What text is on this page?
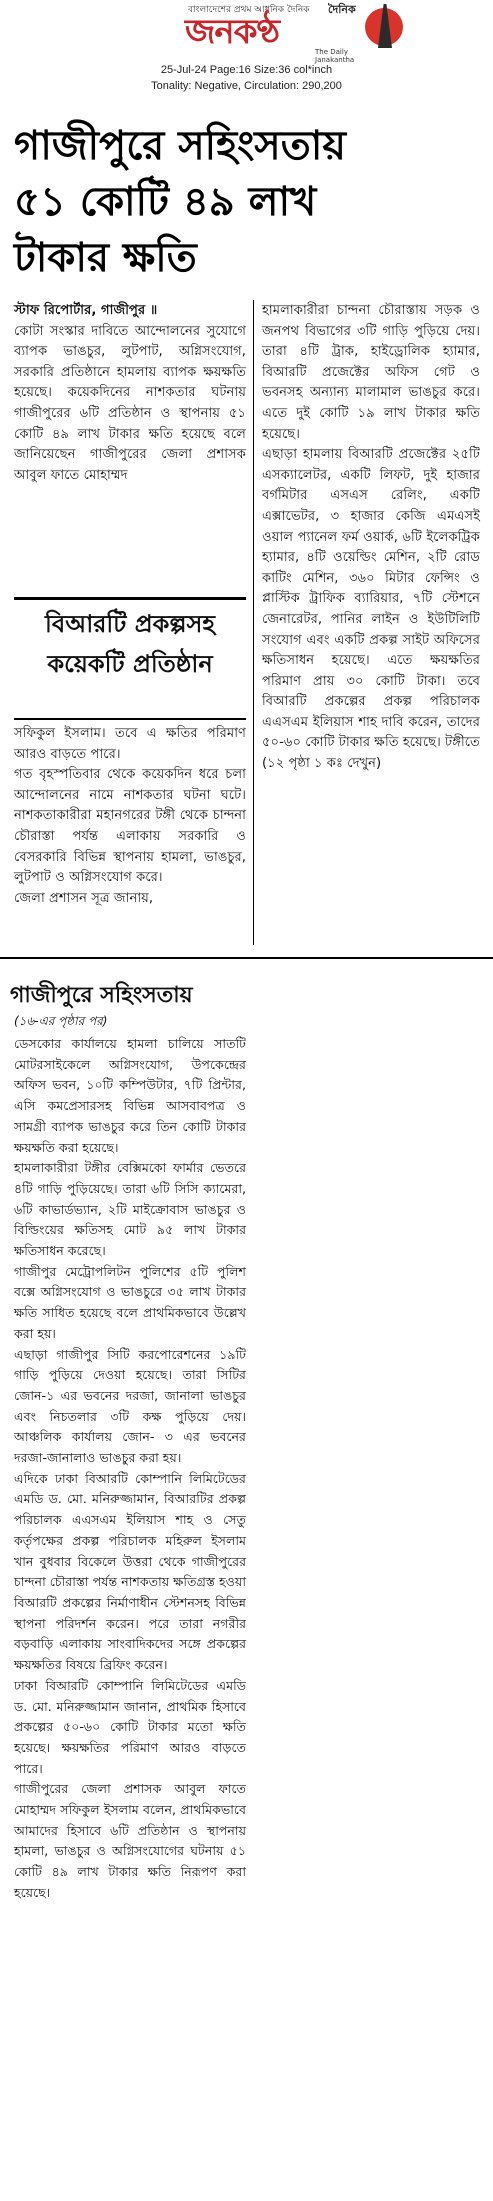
বাংলাদেশের প্রথম আধুনিক দৈনিক দৈনিক
জনকণ্ঠ	The Daily Janakantha
25-Jul-24 Page:16 Size:36 col*inch
Tonality: Negative, Circulation: 290,200
গাজীপুরে সহিংসতায়
৫১ কোটি ৪৯ লাখ
টাকার ক্ষতি

স্টাফ রিপোর্টার, গাজীপুর ॥

কোটা সংস্কার দাবিতে আন্দোলনের সুযোগে ব্যাপক ভাঙচুর, লুটপাট, অগ্নিসংযোগ, সরকারি প্রতিষ্ঠানে হামলায় ব্যাপক ক্ষয়ক্ষতি হয়েছে। কয়েকদিনের নাশকতার ঘটনায় গাজীপুরের ৬টি প্রতিষ্ঠান ও স্থাপনায় ৫১ কোটি ৪৯ লাখ টাকার ক্ষতি হয়েছে বলে জানিয়েছেন গাজীপুরের জেলা প্রশাসক আবুল ফাতে মোহাম্মদ

বিআরটি প্রকল্পসহ
কয়েকটি প্রতিষ্ঠান

সফিকুল ইসলাম। তবে এ ক্ষতির পরিমাণ আরও বাড়তে পারে।

গত বৃহস্পতিবার থেকে কয়েকদিন ধরে চলা আন্দোলনের নামে নাশকতার ঘটনা ঘটে। নাশকতাকারীরা মহানগরের টঙ্গী থেকে চান্দনা চৌরাস্তা পর্যন্ত এলাকায় সরকারি ও বেসরকারি বিভিন্ন স্থাপনায় হামলা, ভাঙচুর, লুটপাট ও অগ্নিসংযোগ করে।

জেলা প্রশাসন সূত্র জানায়,

হামলাকারীরা চান্দনা চৌরাস্তায় সড়ক ও জনপথ বিভাগের ৩টি গাড়ি পুড়িয়ে দেয়। তারা ৪টি ট্রাক, হাইড্রোলিক হ্যামার, বিআরটি প্রজেক্টের অফিস গেট ও ভবনসহ অন্যান্য মালামাল ভাঙচুর করে। এতে দুই কোটি ১৯ লাখ টাকার ক্ষতি হয়েছে।

এছাড়া হামলায় বিআরটি প্রজেক্টের ২৫টি এসক্যালেটর, একটি লিফট, দুই হাজার বর্গমিটার এসএস রেলিং, একটি এক্সাভেটর, ৩ হাজার কেজি এমএসই ওয়াল প্যানেল ফর্ম ওয়ার্ক, ৬টি ইলেকট্রিক হ্যামার, ৪টি ওয়েল্ডিং মেশিন, ২টি রোড কাটিং মেশিন, ৩৬০ মিটার ফেন্সিং ও প্লাস্টিক ট্রাফিক ব্যারিয়ার, ৭টি স্টেশনে জেনারেটর, পানির লাইন ও ইউটিলিটি সংযোগ এবং একটি প্রকল্প সাইট অফিসের ক্ষতিসাধন হয়েছে। এতে ক্ষয়ক্ষতির পরিমাণ প্রায় ৩০ কোটি টাকা। তবে বিআরটি প্রকল্পের প্রকল্প পরিচালক এএসএম ইলিয়াস শাহ দাবি করেন, তাদের ৫০-৬০ কোটি টাকার ক্ষতি হয়েছে। টঙ্গীতে

(১২ পৃষ্ঠা ১ কঃ দেখুন)

গাজীপুরে সহিংসতায়
(১৬-এর পৃষ্ঠার পর)

ডেসকোর কার্যালয়ে হামলা চালিয়ে সাতটি মোটরসাইকেলে অগ্নিসংযোগ, উপকেন্দ্রের অফিস ভবন, ১০টি কম্পিউটার, ৭টি প্রিন্টার, এসি কমপ্রেসারসহ বিভিন্ন আসবাবপত্র ও সামগ্রী ব্যাপক ভাঙচুর করে তিন কোটি টাকার ক্ষয়ক্ষতি করা হয়েছে।

হামলাকারীরা টঙ্গীর বেক্সিমকো ফার্মার ভেতরে ৪টি গাড়ি পুড়িয়েছে। তারা ৬টি সিসি ক্যামেরা, ৬টি কাভার্ডভ্যান, ২টি মাইক্রোবাস ভাঙচুর ও বিল্ডিংয়ের ক্ষতিসহ মোট ৯৫ লাখ টাকার ক্ষতিসাধন করেছে।

গাজীপুর মেট্রোপলিটন পুলিশের ৫টি পুলিশ বক্সে অগ্নিসংযোগ ও ভাঙচুরে ৩৫ লাখ টাকার ক্ষতি সাধিত হয়েছে বলে প্রাথমিকভাবে উল্লেখ করা হয়।

এছাড়া গাজীপুর সিটি করপোরেশনের ১৯টি গাড়ি পুড়িয়ে দেওয়া হয়েছে। তারা সিটির জোন-১ এর ভবনের দরজা, জানালা ভাঙচুর এবং নিচতলার ৩টি কক্ষ পুড়িয়ে দেয়। আঞ্চলিক কার্যালয় জোন- ৩ এর ভবনের দরজা-জানালাও ভাঙচুর করা হয়।

এদিকে ঢাকা বিআরটি কোম্পানি লিমিটেডের এমডি ড. মো. মনিরুজ্জামান, বিআরটির প্রকল্প পরিচালক এএসএম ইলিয়াস শাহ ও সেতু কর্তৃপক্ষের প্রকল্প পরিচালক মহিরুল ইসলাম খান বুধবার বিকেলে উত্তরা থেকে গাজীপুরের চান্দনা চৌরাস্তা পর্যন্ত নাশকতায় ক্ষতিগ্রস্ত হওয়া বিআরটি প্রকল্পের নির্মাণাধীন স্টেশনসহ বিভিন্ন স্থাপনা পরিদর্শন করেন। পরে তারা নগরীর বড়বাড়ি এলাকায় সাংবাদিকদের সঙ্গে প্রকল্পের ক্ষয়ক্ষতির বিষয়ে ব্রিফিং করেন।

ঢাকা বিআরটি কোম্পানি লিমিটেডের এমডি ড. মো. মনিরুজ্জামান জানান, প্রাথমিক হিসাবে প্রকল্পের ৫০-৬০ কোটি টাকার মতো ক্ষতি হয়েছে। ক্ষয়ক্ষতির পরিমাণ আরও বাড়তে পারে।

গাজীপুরের জেলা প্রশাসক আবুল ফাতে মোহাম্মদ সফিকুল ইসলাম বলেন, প্রাথমিকভাবে আমাদের হিসাবে ৬টি প্রতিষ্ঠান ও স্থাপনায় হামলা, ভাঙচুর ও অগ্নিসংযোগের ঘটনায় ৫১ কোটি ৪৯ লাখ টাকার ক্ষতি নিরূপণ করা হয়েছে।
